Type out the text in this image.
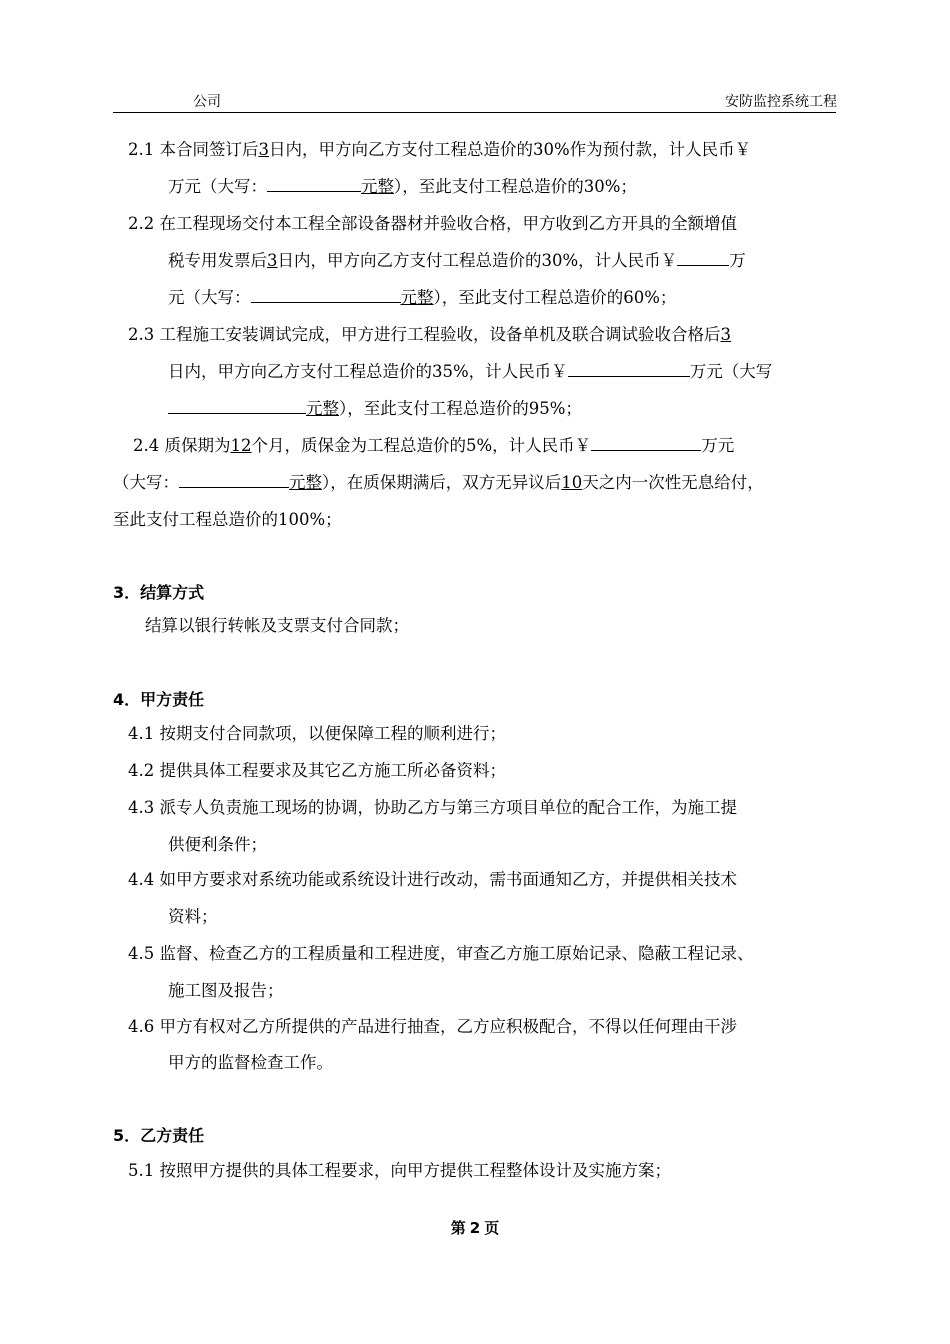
公司	安防监控系统工程
2.1 本合同签订后3日内，甲方向乙方支付工程总造价的30%作为预付款，计人民币￥
万元（大写：	元整），至此支付工程总造价的30%；
2.2 在工程现场交付本工程全部设备器材并验收合格，甲方收到乙方开具的全额增值
税专用发票后3日内，甲方向乙方支付工程总造价的30%，计人民币￥	万
元（大写：	元整），至此支付工程总造价的60%；
2.3 工程施工安装调试完成，甲方进行工程验收，设备单机及联合调试验收合格后3
日内，甲方向乙方支付工程总造价的35%，计人民币￥	万元（大写
元整），至此支付工程总造价的95%；
2.4 质保期为12个月，质保金为工程总造价的5%，计人民币￥	万元
（大写：	元整），在质保期满后，双方无异议后10天之内一次性无息给付，
至此支付工程总造价的100%；
3．结算方式
结算以银行转帐及支票支付合同款；
4．甲方责任
4.1 按期支付合同款项，以便保障工程的顺利进行；
4.2 提供具体工程要求及其它乙方施工所必备资料；
4.3 派专人负责施工现场的协调，协助乙方与第三方项目单位的配合工作，为施工提
供便利条件；
4.4 如甲方要求对系统功能或系统设计进行改动，需书面通知乙方，并提供相关技术
资料；
4.5 监督、检查乙方的工程质量和工程进度，审查乙方施工原始记录、隐蔽工程记录、
施工图及报告；
4.6 甲方有权对乙方所提供的产品进行抽查，乙方应积极配合，不得以任何理由干涉
甲方的监督检查工作。
5．乙方责任
5.1 按照甲方提供的具体工程要求，向甲方提供工程整体设计及实施方案；
第 2 页
